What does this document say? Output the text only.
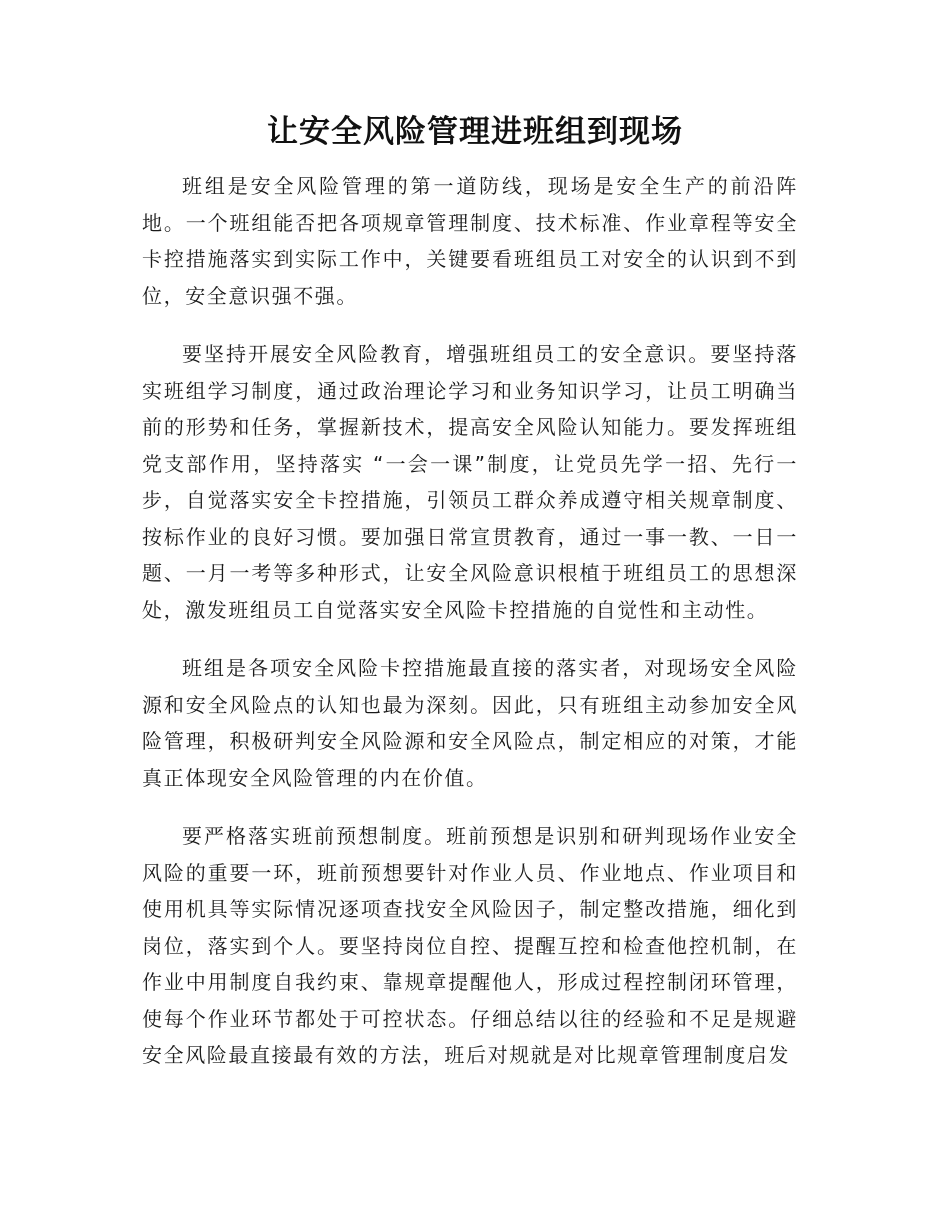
让安全风险管理进班组到现场

班组是安全风险管理的第一道防线，现场是安全生产的前沿阵地。一个班组能否把各项规章管理制度、技术标准、作业章程等安全卡控措施落实到实际工作中，关键要看班组员工对安全的认识到不到位，安全意识强不强。

要坚持开展安全风险教育，增强班组员工的安全意识。要坚持落实班组学习制度，通过政治理论学习和业务知识学习，让员工明确当前的形势和任务，掌握新技术，提高安全风险认知能力。要发挥班组党支部作用，坚持落实 “一会一课”制度，让党员先学一招、先行一步，自觉落实安全卡控措施，引领员工群众养成遵守相关规章制度、按标作业的良好习惯。要加强日常宣贯教育，通过一事一教、一日一题、一月一考等多种形式，让安全风险意识根植于班组员工的思想深处，激发班组员工自觉落实安全风险卡控措施的自觉性和主动性。

班组是各项安全风险卡控措施最直接的落实者，对现场安全风险源和安全风险点的认知也最为深刻。因此，只有班组主动参加安全风险管理，积极研判安全风险源和安全风险点，制定相应的对策，才能真正体现安全风险管理的内在价值。

要严格落实班前预想制度。班前预想是识别和研判现场作业安全风险的重要一环，班前预想要针对作业人员、作业地点、作业项目和使用机具等实际情况逐项查找安全风险因子，制定整改措施，细化到岗位，落实到个人。要坚持岗位自控、提醒互控和检查他控机制，在作业中用制度自我约束、靠规章提醒他人，形成过程控制闭环管理，使每个作业环节都处于可控状态。仔细总结以往的经验和不足是规避安全风险最直接最有效的方法，班后对规就是对比规章管理制度启发
